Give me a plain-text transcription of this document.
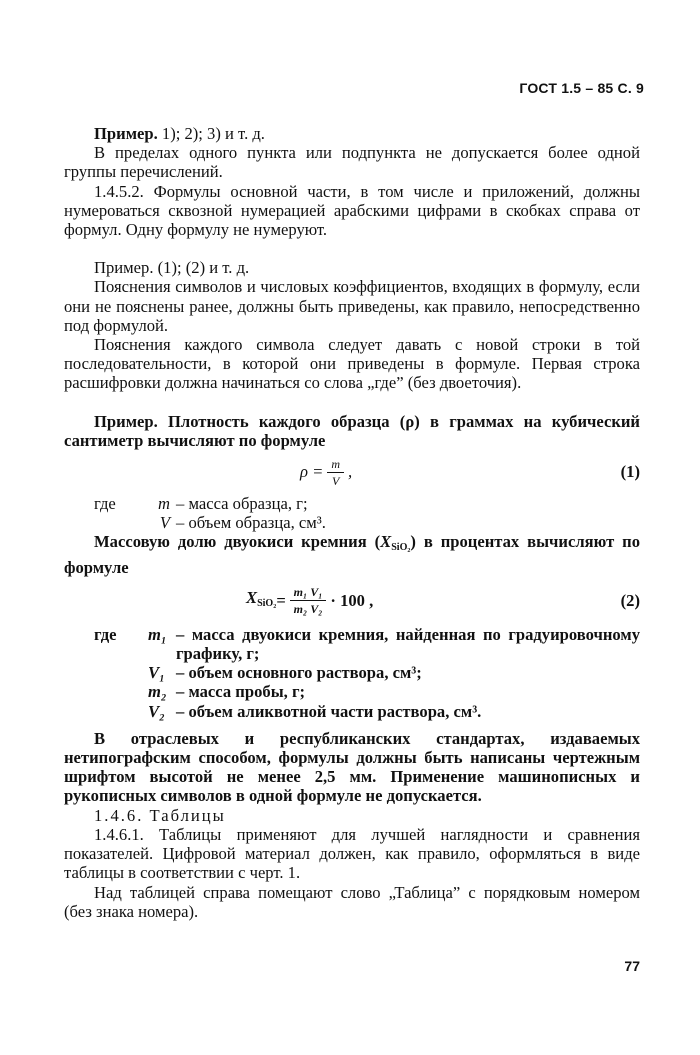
ГОСТ 1.5 – 85 С. 9

Пример. 1); 2); 3) и т. д.

В пределах одного пункта или подпункта не допускается более одной группы перечислений.

1.4.5.2. Формулы основной части, в том числе и приложений, должны нумероваться сквозной нумерацией арабскими цифрами в скобках справа от формул. Одну формулу не нумеруют.

Пример. (1); (2) и т. д.

Пояснения символов и числовых коэффициентов, входящих в формулу, если они не пояснены ранее, должны быть приведены, как правило, непосредственно под формулой.

Пояснения каждого символа следует давать с новой строки в той последовательности, в которой они приведены в формуле. Первая строка расшифровки должна начинаться со слова „где” (без двоеточия).

Пример. Плотность каждого образца (ρ) в граммах на кубический сантиметр вычисляют по формуле

$\rho = \frac{m}{V}$ ,	(1)
где	m – масса образца, г;
V – объем образца, см³.

Массовую долю двуокиси кремния $(X_{SiO_2})$ в процентах вычисляют по формуле

$X_{SiO_2} = \frac{\text{m₁ V₁}}{\text{m₂ V₂}} \cdot 100$ ,	(2)
где	m₁ – масса двуокиси кремния, найденная по градуировочному графику, г;
V₁ – объем основного раствора, см³;
m₂ – масса пробы, г;
V₂ – объем аликвотной части раствора, см³.

В отраслевых и республиканских стандартах, издаваемых нетипографским способом, формулы должны быть написаны чертежным шрифтом высотой не менее 2,5 мм. Применение машинописных и рукописных символов в одной формуле не допускается.

1.4.6. Таблицы

1.4.6.1. Таблицы применяют для лучшей наглядности и сравнения показателей. Цифровой материал должен, как правило, оформляться в виде таблицы в соответствии с черт. 1.

Над таблицей справа помещают слово „Таблица” с порядковым номером (без знака номера).

77
